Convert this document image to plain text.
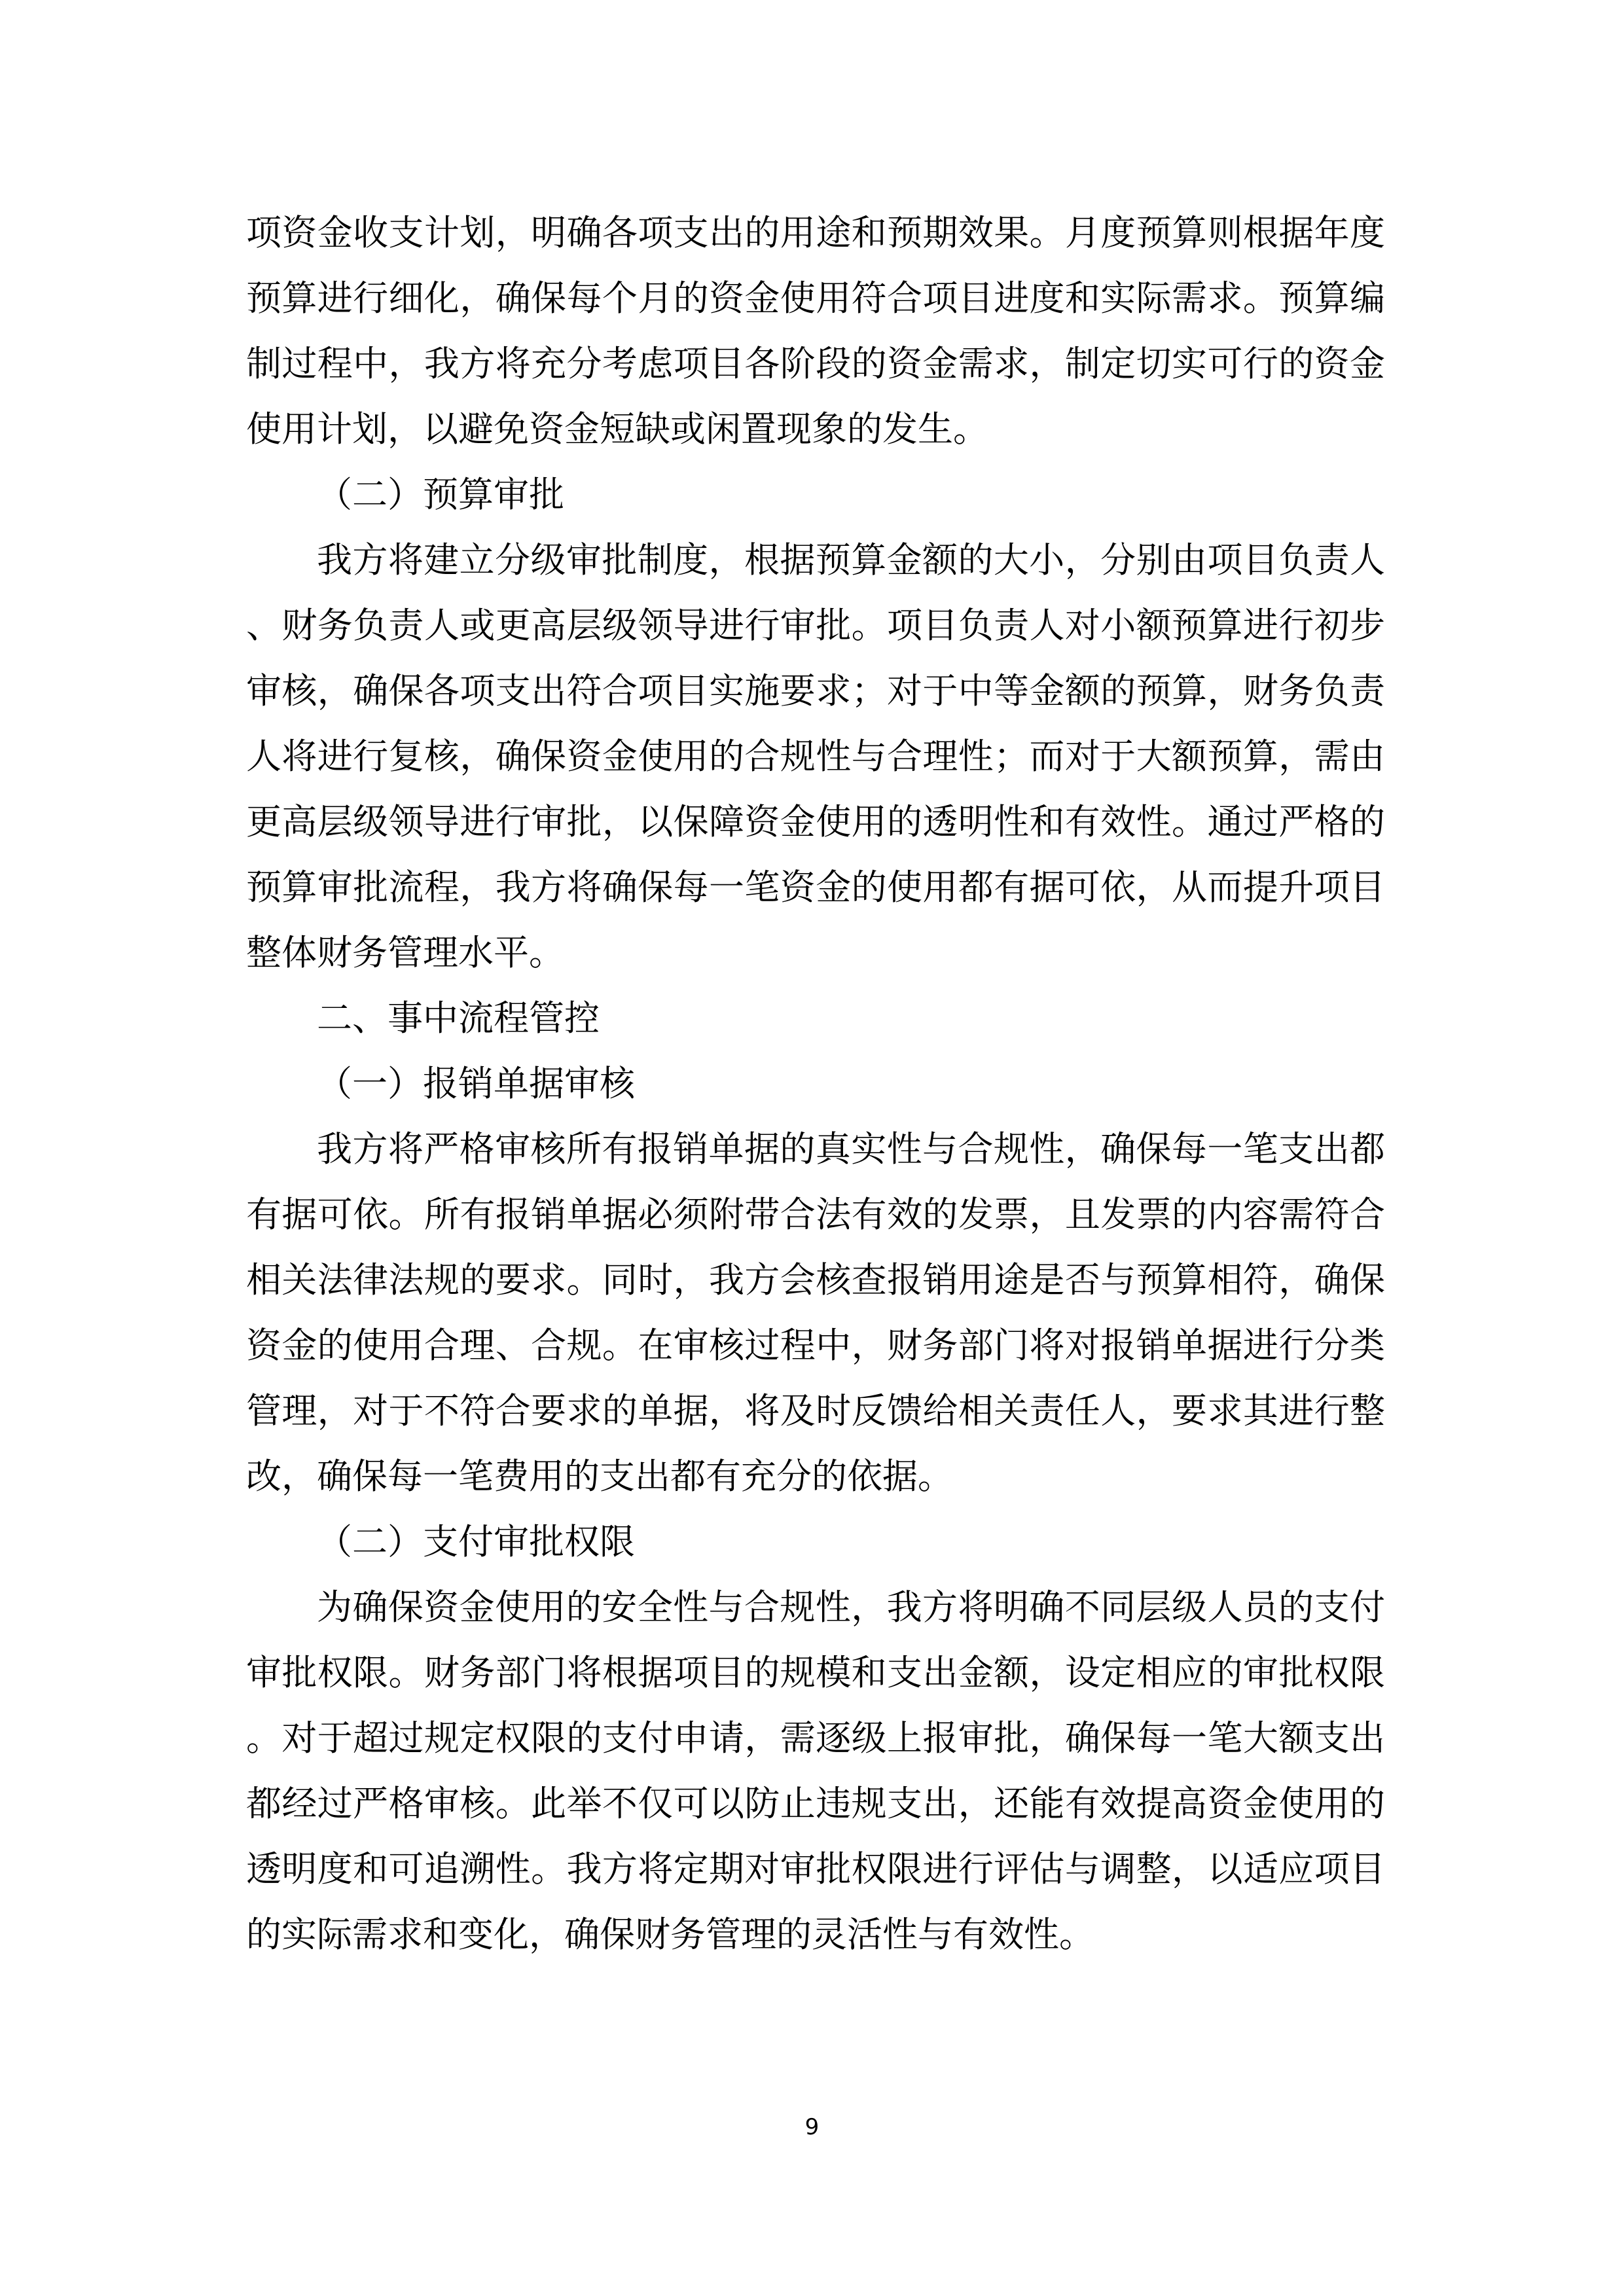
项资金收支计划，明确各项支出的用途和预期效果。月度预算则根据年度预算进行细化，确保每个月的资金使用符合项目进度和实际需求。预算编制过程中，我方将充分考虑项目各阶段的资金需求，制定切实可行的资金使用计划，以避免资金短缺或闲置现象的发生。

（二）预算审批

我方将建立分级审批制度，根据预算金额的大小，分别由项目负责人、财务负责人或更高层级领导进行审批。项目负责人对小额预算进行初步审核，确保各项支出符合项目实施要求；对于中等金额的预算，财务负责人将进行复核，确保资金使用的合规性与合理性；而对于大额预算，需由更高层级领导进行审批，以保障资金使用的透明性和有效性。通过严格的预算审批流程，我方将确保每一笔资金的使用都有据可依，从而提升项目整体财务管理水平。

二、事中流程管控

（一）报销单据审核

我方将严格审核所有报销单据的真实性与合规性，确保每一笔支出都有据可依。所有报销单据必须附带合法有效的发票，且发票的内容需符合相关法律法规的要求。同时，我方会核查报销用途是否与预算相符，确保资金的使用合理、合规。在审核过程中，财务部门将对报销单据进行分类管理，对于不符合要求的单据，将及时反馈给相关责任人，要求其进行整改，确保每一笔费用的支出都有充分的依据。

（二）支付审批权限

为确保资金使用的安全性与合规性，我方将明确不同层级人员的支付审批权限。财务部门将根据项目的规模和支出金额，设定相应的审批权限。对于超过规定权限的支付申请，需逐级上报审批，确保每一笔大额支出都经过严格审核。此举不仅可以防止违规支出，还能有效提高资金使用的透明度和可追溯性。我方将定期对审批权限进行评估与调整，以适应项目的实际需求和变化，确保财务管理的灵活性与有效性。

9
